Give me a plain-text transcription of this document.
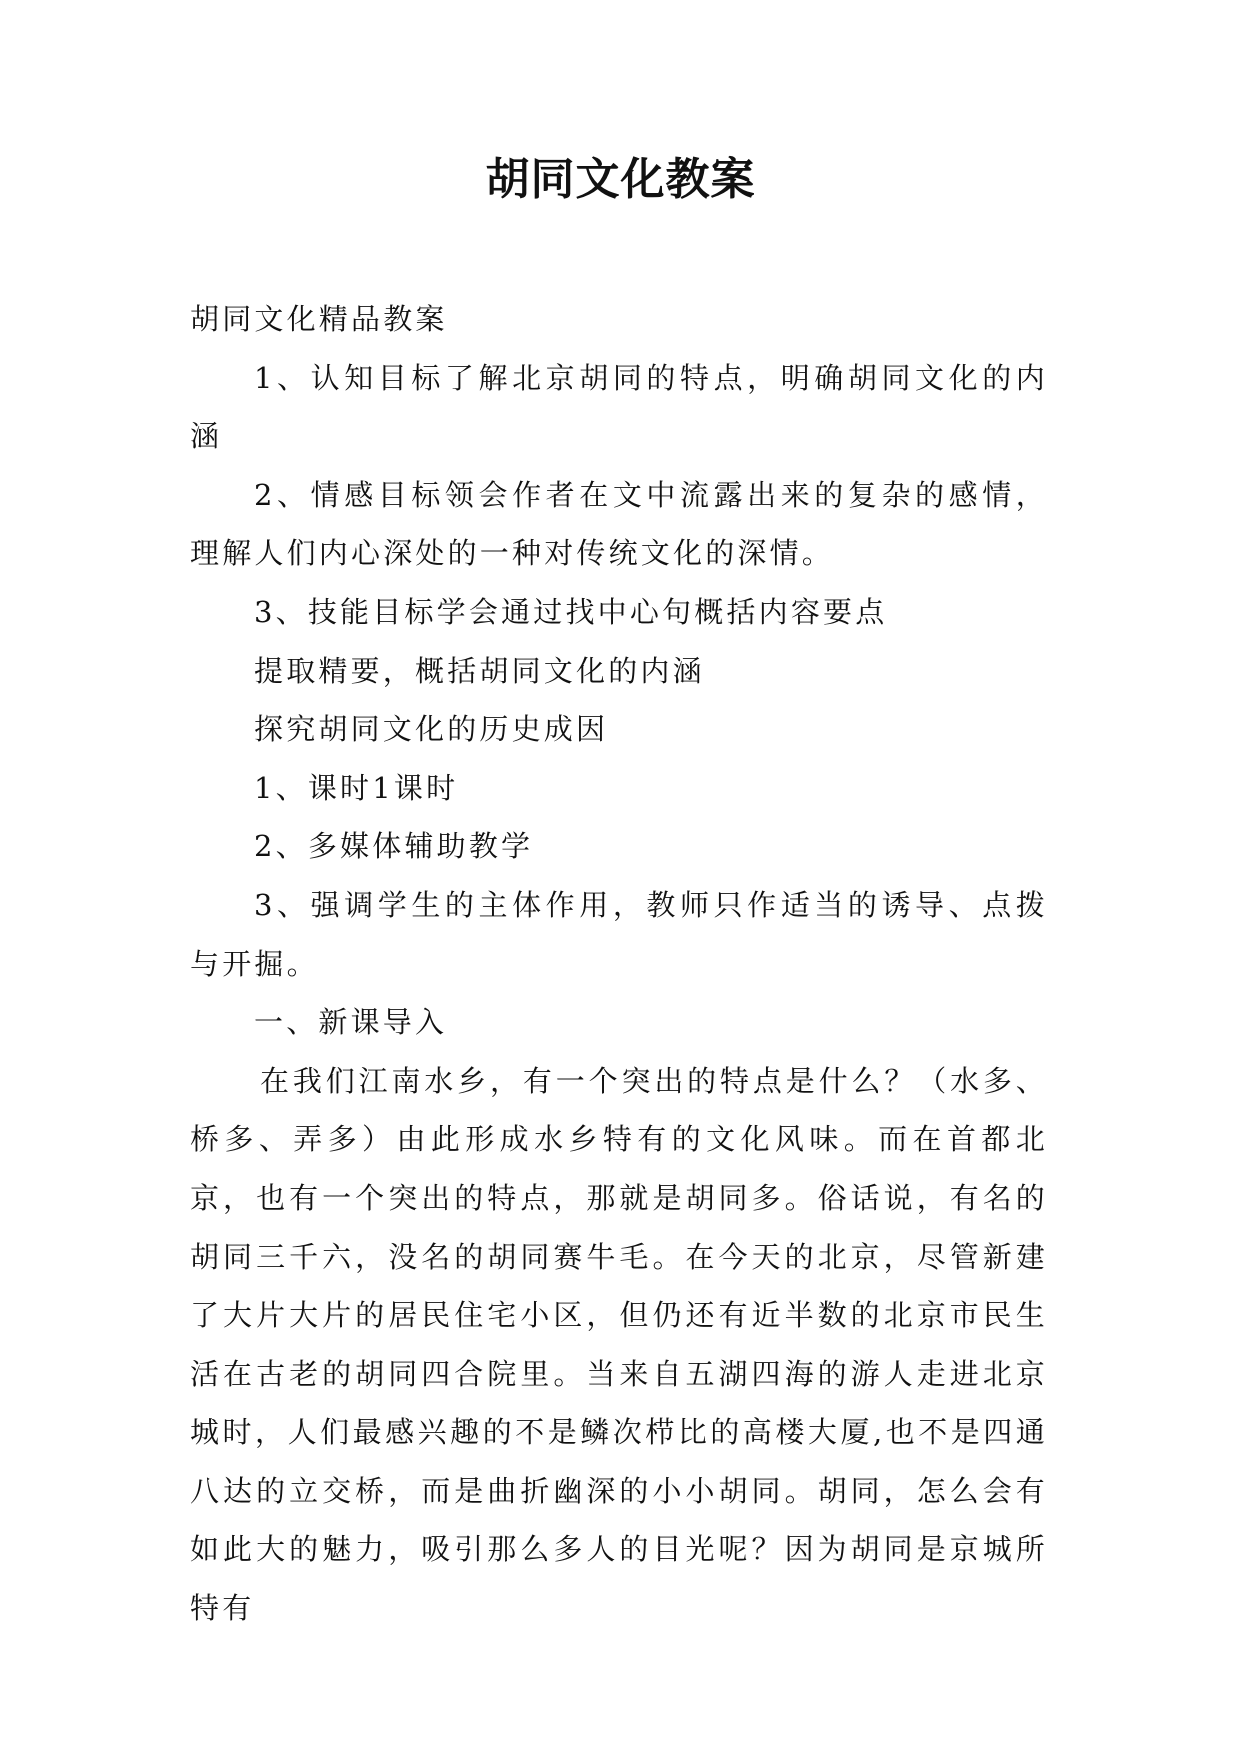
胡同文化教案

胡同文化精品教案

1、认知目标了解北京胡同的特点，明确胡同文化的内涵

2、情感目标领会作者在文中流露出来的复杂的感情，理解人们内心深处的一种对传统文化的深情。

3、技能目标学会通过找中心句概括内容要点

提取精要，概括胡同文化的内涵

探究胡同文化的历史成因

1、课时1课时

2、多媒体辅助教学

3、强调学生的主体作用，教师只作适当的诱导、点拨与开掘。

一、新课导入

在我们江南水乡，有一个突出的特点是什么？（水多、桥多、弄多）由此形成水乡特有的文化风味。而在首都北京，也有一个突出的特点，那就是胡同多。俗话说，有名的胡同三千六，没名的胡同赛牛毛。在今天的北京，尽管新建了大片大片的居民住宅小区，但仍还有近半数的北京市民生活在古老的胡同四合院里。当来自五湖四海的游人走进北京城时，人们最感兴趣的不是鳞次栉比的高楼大厦,也不是四通八达的立交桥，而是曲折幽深的小小胡同。胡同，怎么会有如此大的魅力，吸引那么多人的目光呢？因为胡同是京城所特有
